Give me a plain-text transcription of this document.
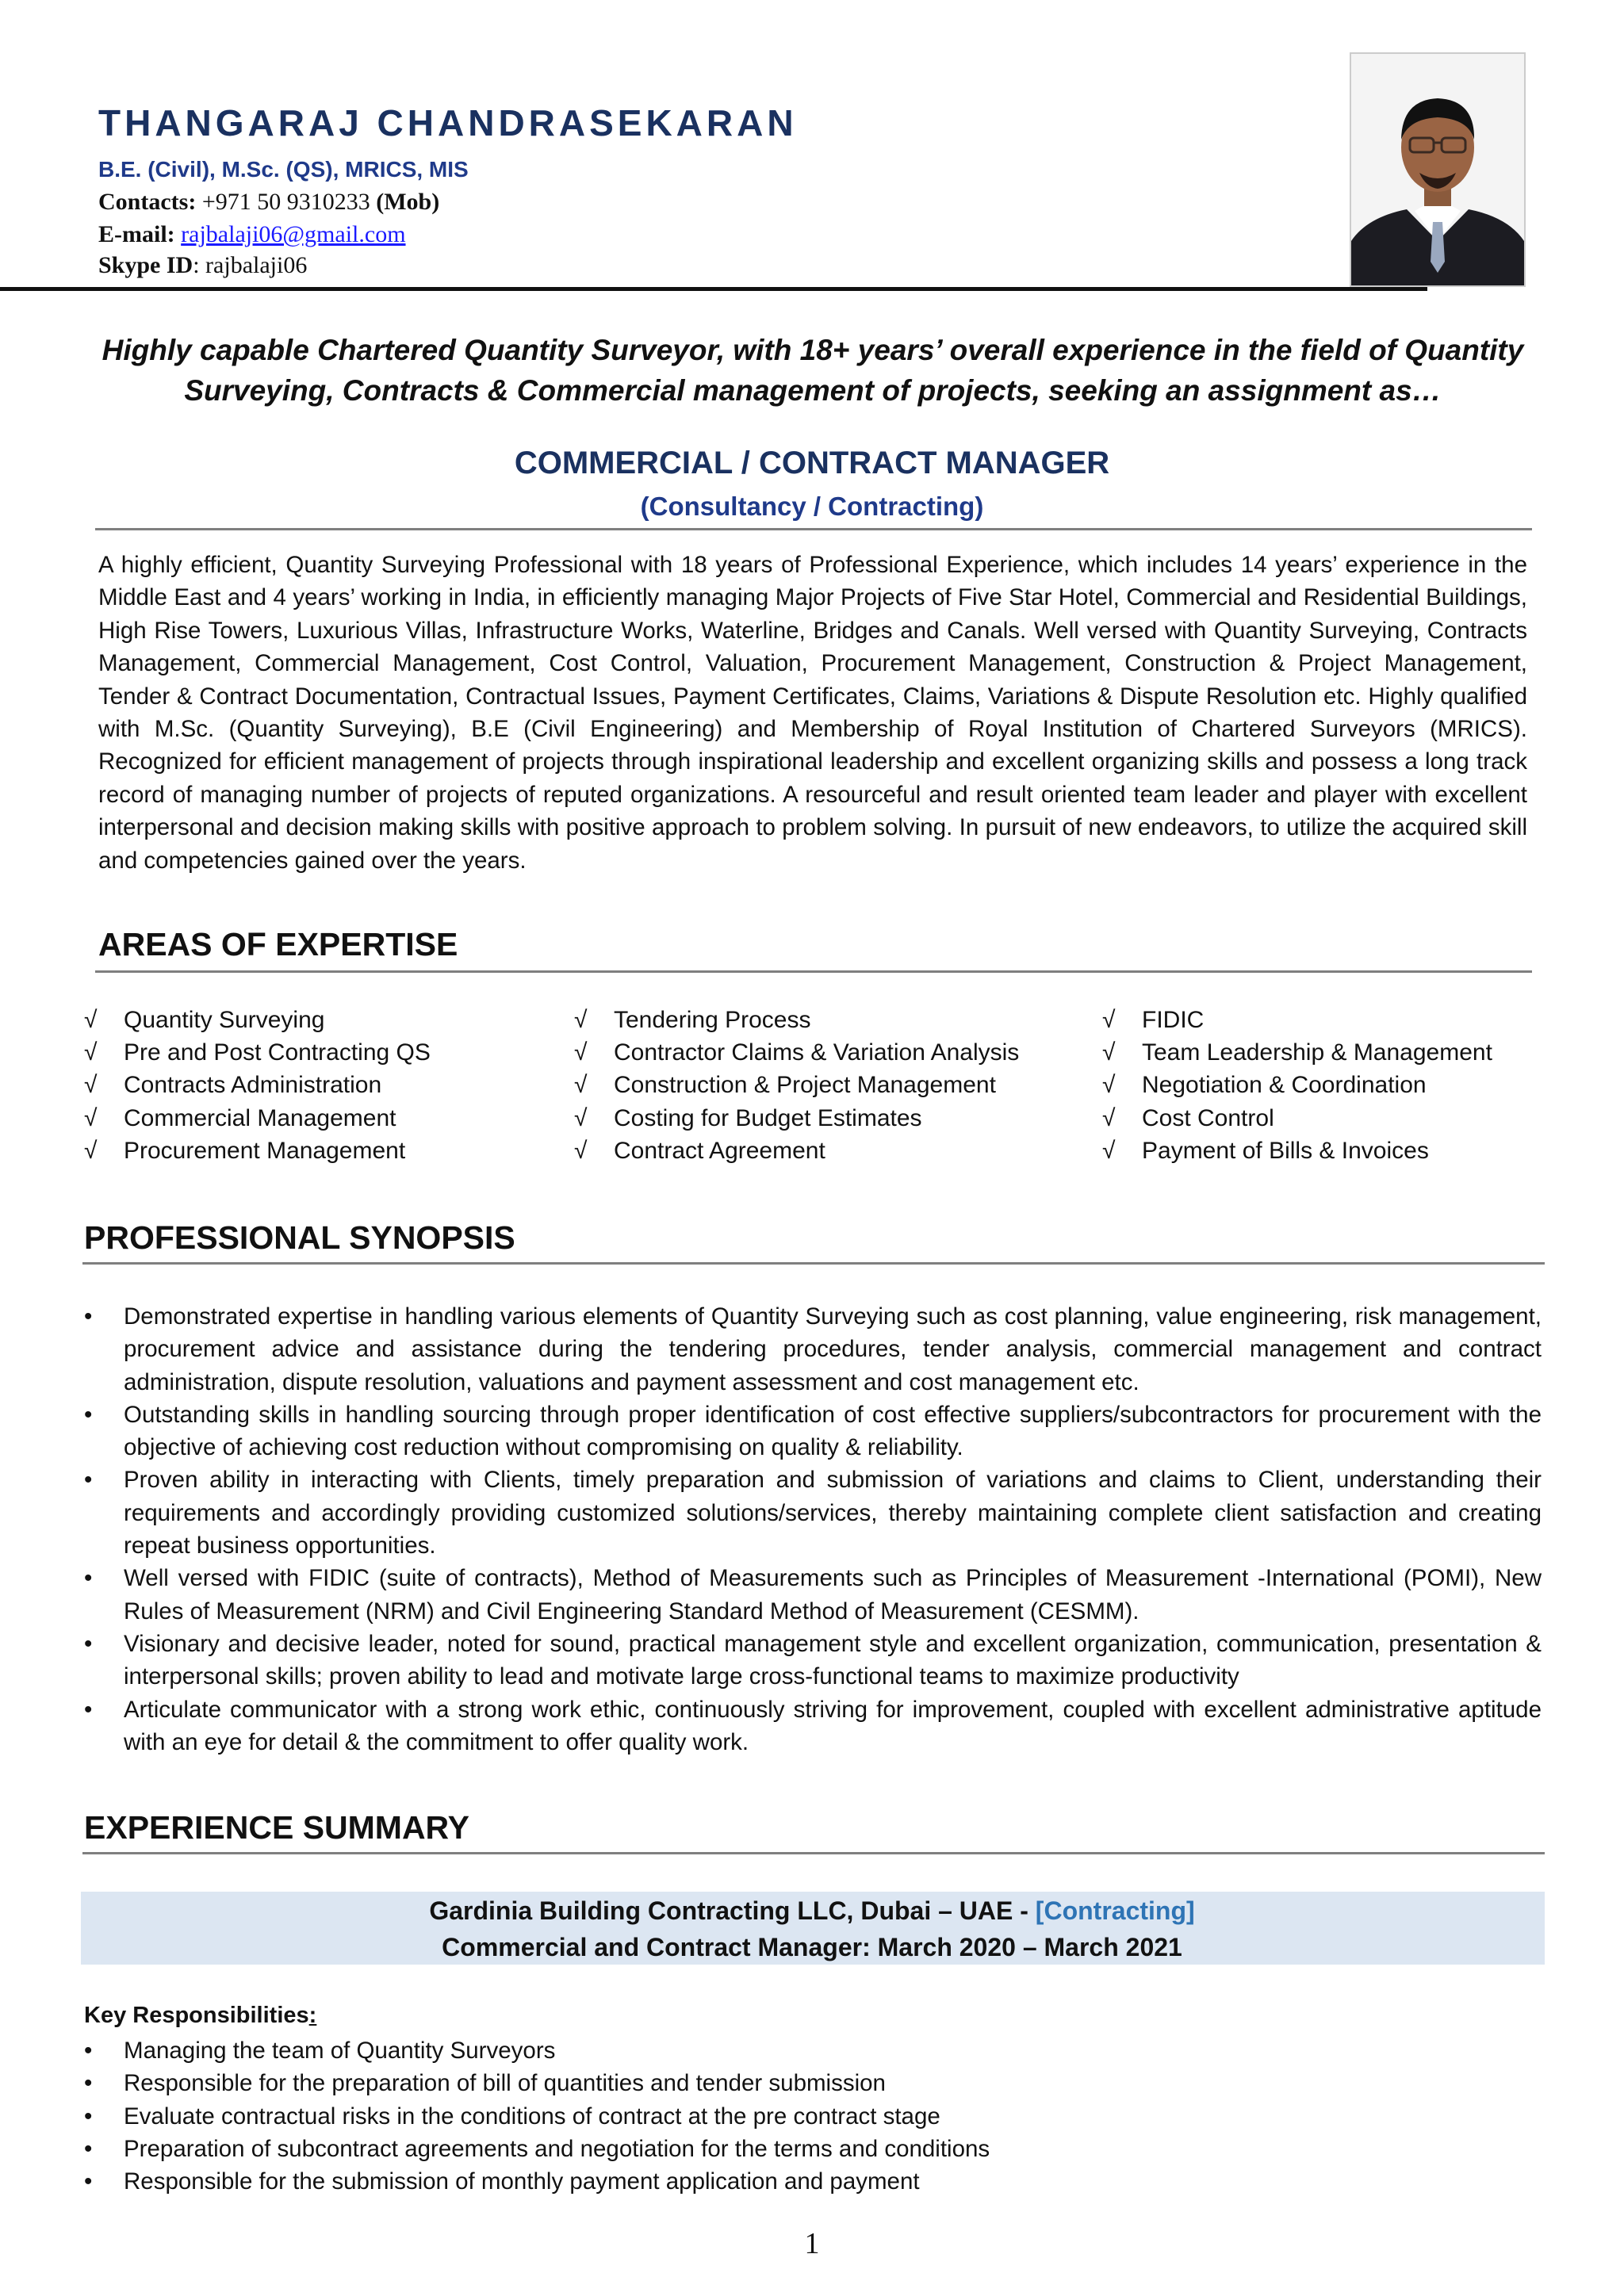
THANGARAJ CHANDRASEKARAN
B.E. (Civil), M.Sc. (QS), MRICS, MIS
Contacts: +971 50 9310233 (Mob)
E-mail: rajbalaji06@gmail.com
Skype ID: rajbalaji06
Highly capable Chartered Quantity Surveyor, with 18+ years’ overall experience in the field of Quantity
Surveying, Contracts & Commercial management of projects, seeking an assignment as…
COMMERCIAL / CONTRACT MANAGER
(Consultancy / Contracting)
A highly efficient, Quantity Surveying Professional with 18 years of Professional Experience, which includes 14 years’ experience in the Middle East and 4 years’ working in India, in efficiently managing Major Projects of Five Star Hotel, Commercial and Residential Buildings, High Rise Towers, Luxurious Villas, Infrastructure Works, Waterline, Bridges and Canals. Well versed with Quantity Surveying, Contracts Management, Commercial Management, Cost Control, Valuation, Procurement Management, Construction & Project Management, Tender & Contract Documentation, Contractual Issues, Payment Certificates, Claims, Variations & Dispute Resolution etc. Highly qualified with M.Sc. (Quantity Surveying), B.E (Civil Engineering) and Membership of Royal Institution of Chartered Surveyors (MRICS). Recognized for efficient management of projects through inspirational leadership and excellent organizing skills and possess a long track record of managing number of projects of reputed organizations. A resourceful and result oriented team leader and player with excellent interpersonal and decision making skills with positive approach to problem solving. In pursuit of new endeavors, to utilize the acquired skill and competencies gained over the years.
AREAS OF EXPERTISE
√ Quantity Surveying
√ Pre and Post Contracting QS
√ Contracts Administration
√ Commercial Management
√ Procurement Management
√ Tendering Process
√ Contractor Claims & Variation Analysis
√ Construction & Project Management
√ Costing for Budget Estimates
√ Contract Agreement
√ FIDIC
√ Team Leadership & Management
√ Negotiation & Coordination
√ Cost Control
√ Payment of Bills & Invoices
PROFESSIONAL SYNOPSIS
• Demonstrated expertise in handling various elements of Quantity Surveying such as cost planning, value engineering, risk management, procurement advice and assistance during the tendering procedures, tender analysis, commercial management and contract administration, dispute resolution, valuations and payment assessment and cost management etc.
• Outstanding skills in handling sourcing through proper identification of cost effective suppliers/subcontractors for procurement with the objective of achieving cost reduction without compromising on quality & reliability.
• Proven ability in interacting with Clients, timely preparation and submission of variations and claims to Client, understanding their requirements and accordingly providing customized solutions/services, thereby maintaining complete client satisfaction and creating repeat business opportunities.
• Well versed with FIDIC (suite of contracts), Method of Measurements such as Principles of Measurement -International (POMI), New Rules of Measurement (NRM) and Civil Engineering Standard Method of Measurement (CESMM).
• Visionary and decisive leader, noted for sound, practical management style and excellent organization, communication, presentation & interpersonal skills; proven ability to lead and motivate large cross-functional teams to maximize productivity
• Articulate communicator with a strong work ethic, continuously striving for improvement, coupled with excellent administrative aptitude with an eye for detail & the commitment to offer quality work.
EXPERIENCE SUMMARY
Gardinia Building Contracting LLC, Dubai – UAE - [Contracting]
Commercial and Contract Manager: March 2020 – March 2021
Key Responsibilities:
• Managing the team of Quantity Surveyors
• Responsible for the preparation of bill of quantities and tender submission
• Evaluate contractual risks in the conditions of contract at the pre contract stage
• Preparation of subcontract agreements and negotiation for the terms and conditions
• Responsible for the submission of monthly payment application and payment
1
